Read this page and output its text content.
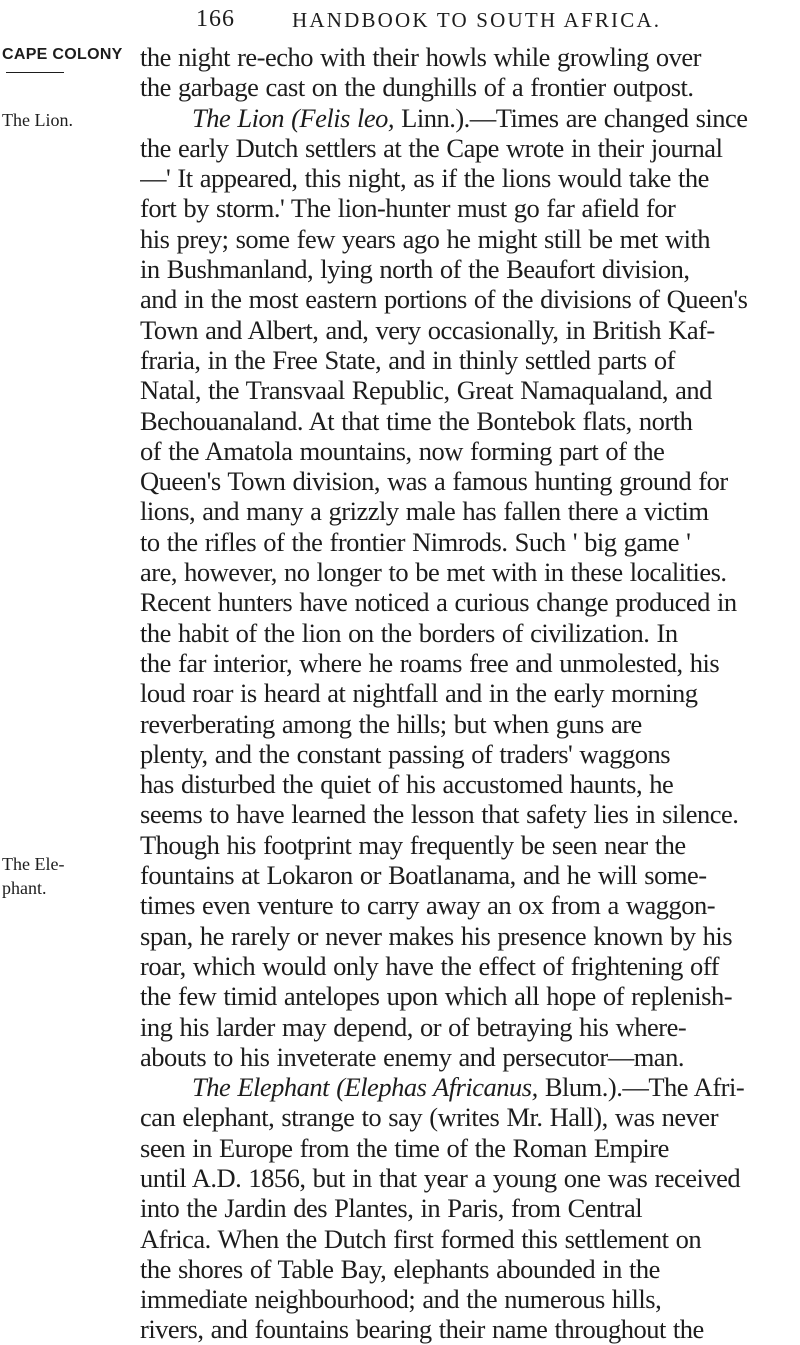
166	HANDBOOK TO SOUTH AFRICA.
CAPE COLONY
The Lion.
The Ele-
phant.
the night re-echo with their howls while growling over
the garbage cast on the dunghills of a frontier outpost.
The Lion (Felis leo, Linn.).—Times are changed since
the early Dutch settlers at the Cape wrote in their journal
—' It appeared, this night, as if the lions would take the
fort by storm.' The lion-hunter must go far afield for
his prey; some few years ago he might still be met with
in Bushmanland, lying north of the Beaufort division,
and in the most eastern portions of the divisions of Queen's
Town and Albert, and, very occasionally, in British Kaf-
fraria, in the Free State, and in thinly settled parts of
Natal, the Transvaal Republic, Great Namaqualand, and
Bechouanaland. At that time the Bontebok flats, north
of the Amatola mountains, now forming part of the
Queen's Town division, was a famous hunting ground for
lions, and many a grizzly male has fallen there a victim
to the rifles of the frontier Nimrods. Such ' big game '
are, however, no longer to be met with in these localities.
Recent hunters have noticed a curious change produced in
the habit of the lion on the borders of civilization. In
the far interior, where he roams free and unmolested, his
loud roar is heard at nightfall and in the early morning
reverberating among the hills; but when guns are
plenty, and the constant passing of traders' waggons
has disturbed the quiet of his accustomed haunts, he
seems to have learned the lesson that safety lies in silence.
Though his footprint may frequently be seen near the
fountains at Lokaron or Boatlanama, and he will some-
times even venture to carry away an ox from a waggon-
span, he rarely or never makes his presence known by his
roar, which would only have the effect of frightening off
the few timid antelopes upon which all hope of replenish-
ing his larder may depend, or of betraying his where-
abouts to his inveterate enemy and persecutor—man.
The Elephant (Elephas Africanus, Blum.).—The Afri-
can elephant, strange to say (writes Mr. Hall), was never
seen in Europe from the time of the Roman Empire
until A.D. 1856, but in that year a young one was received
into the Jardin des Plantes, in Paris, from Central
Africa. When the Dutch first formed this settlement on
the shores of Table Bay, elephants abounded in the
immediate neighbourhood; and the numerous hills,
rivers, and fountains bearing their name throughout the
